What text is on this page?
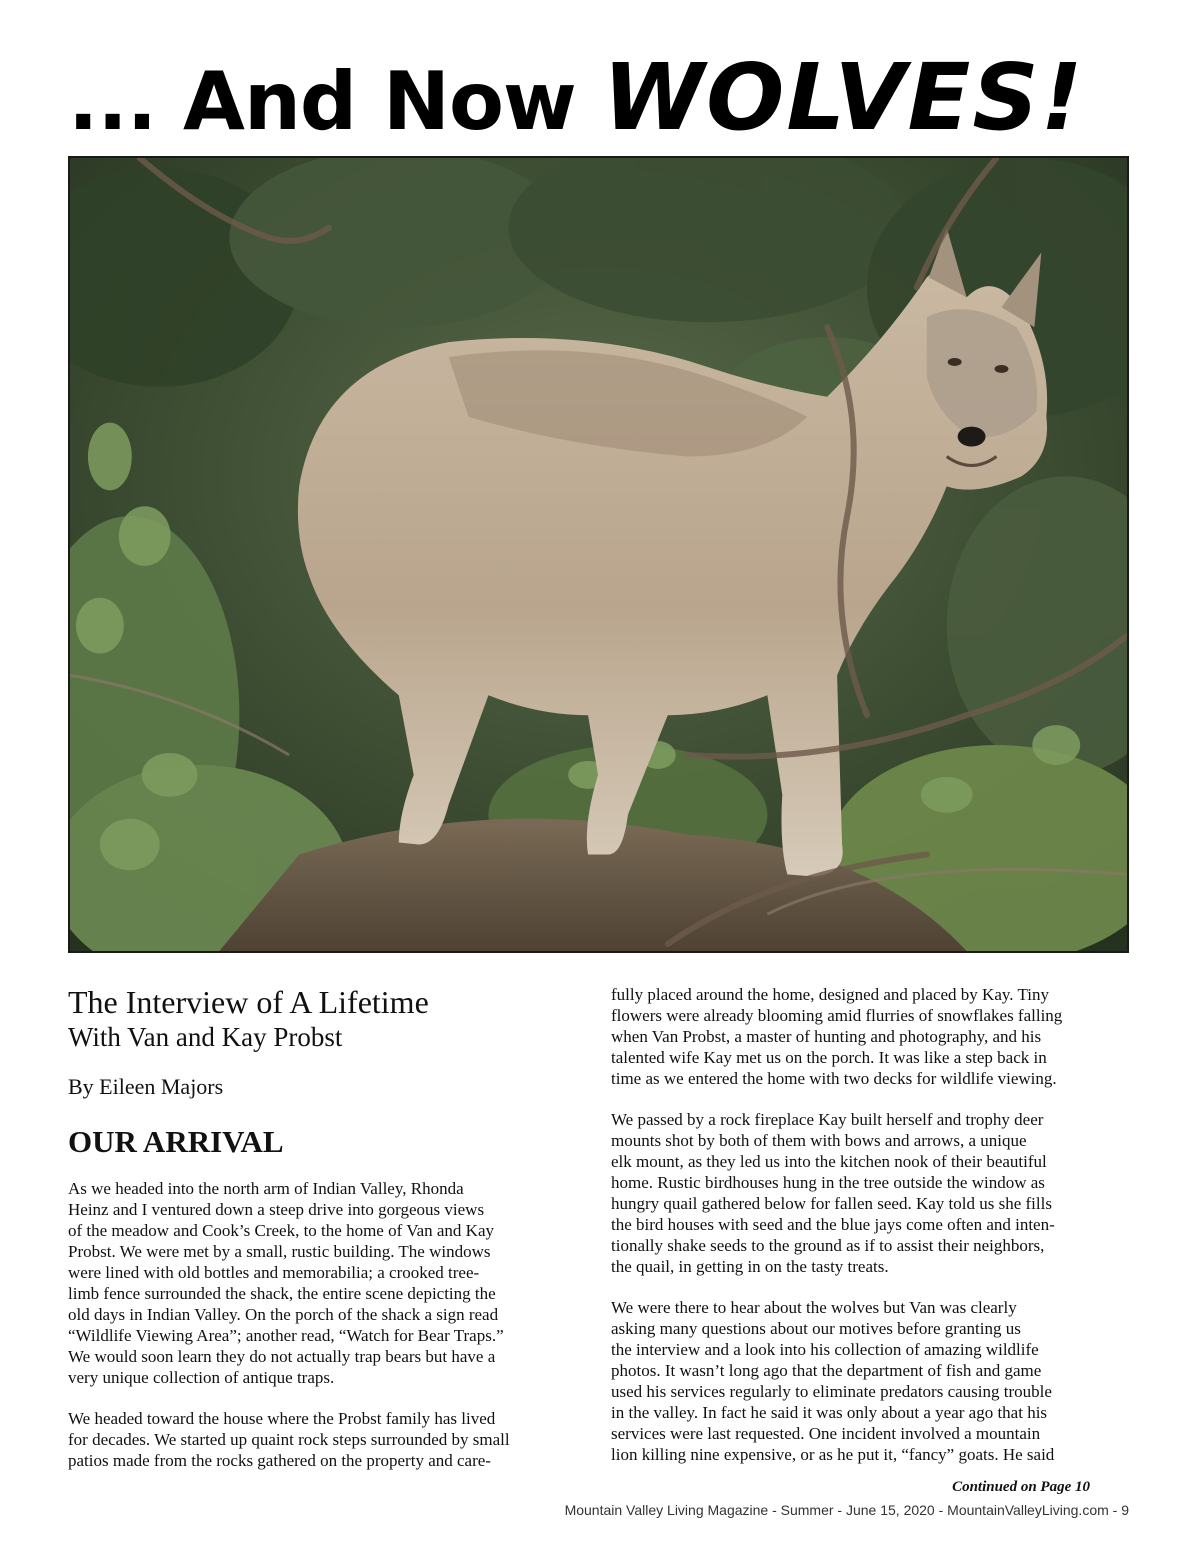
... And Now WOLVES!
The Interview of A Lifetime
With Van and Kay Probst
By Eileen Majors
OUR ARRIVAL

As we headed into the north arm of Indian Valley, Rhonda

Heinz and I ventured down a steep drive into gorgeous views

of the meadow and Cook’s Creek, to the home of Van and Kay

Probst. We were met by a small, rustic building. The windows

were lined with old bottles and memorabilia; a crooked tree-

limb fence surrounded the shack, the entire scene depicting the

old days in Indian Valley. On the porch of the shack a sign read

“Wildlife Viewing Area”; another read, “Watch for Bear Traps.”

We would soon learn they do not actually trap bears but have a

very unique collection of antique traps.

We headed toward the house where the Probst family has lived

for decades. We started up quaint rock steps surrounded by small

patios made from the rocks gathered on the property and care-

fully placed around the home, designed and placed by Kay. Tiny

flowers were already blooming amid flurries of snowflakes falling

when Van Probst, a master of hunting and photography, and his

talented wife Kay met us on the porch. It was like a step back in

time as we entered the home with two decks for wildlife viewing.

We passed by a rock fireplace Kay built herself and trophy deer

mounts shot by both of them with bows and arrows, a unique

elk mount, as they led us into the kitchen nook of their beautiful

home. Rustic birdhouses hung in the tree outside the window as

hungry quail gathered below for fallen seed. Kay told us she fills

the bird houses with seed and the blue jays come often and inten-

tionally shake seeds to the ground as if to assist their neighbors,

the quail, in getting in on the tasty treats.

We were there to hear about the wolves but Van was clearly

asking many questions about our motives before granting us

the interview and a look into his collection of amazing wildlife

photos. It wasn’t long ago that the department of fish and game

used his services regularly to eliminate predators causing trouble

in the valley. In fact he said it was only about a year ago that his

services were last requested. One incident involved a mountain

lion killing nine expensive, or as he put it, “fancy” goats. He said

Continued on Page 10
Mountain Valley Living Magazine - Summer - June 15, 2020 - MountainValleyLiving.com - 9
